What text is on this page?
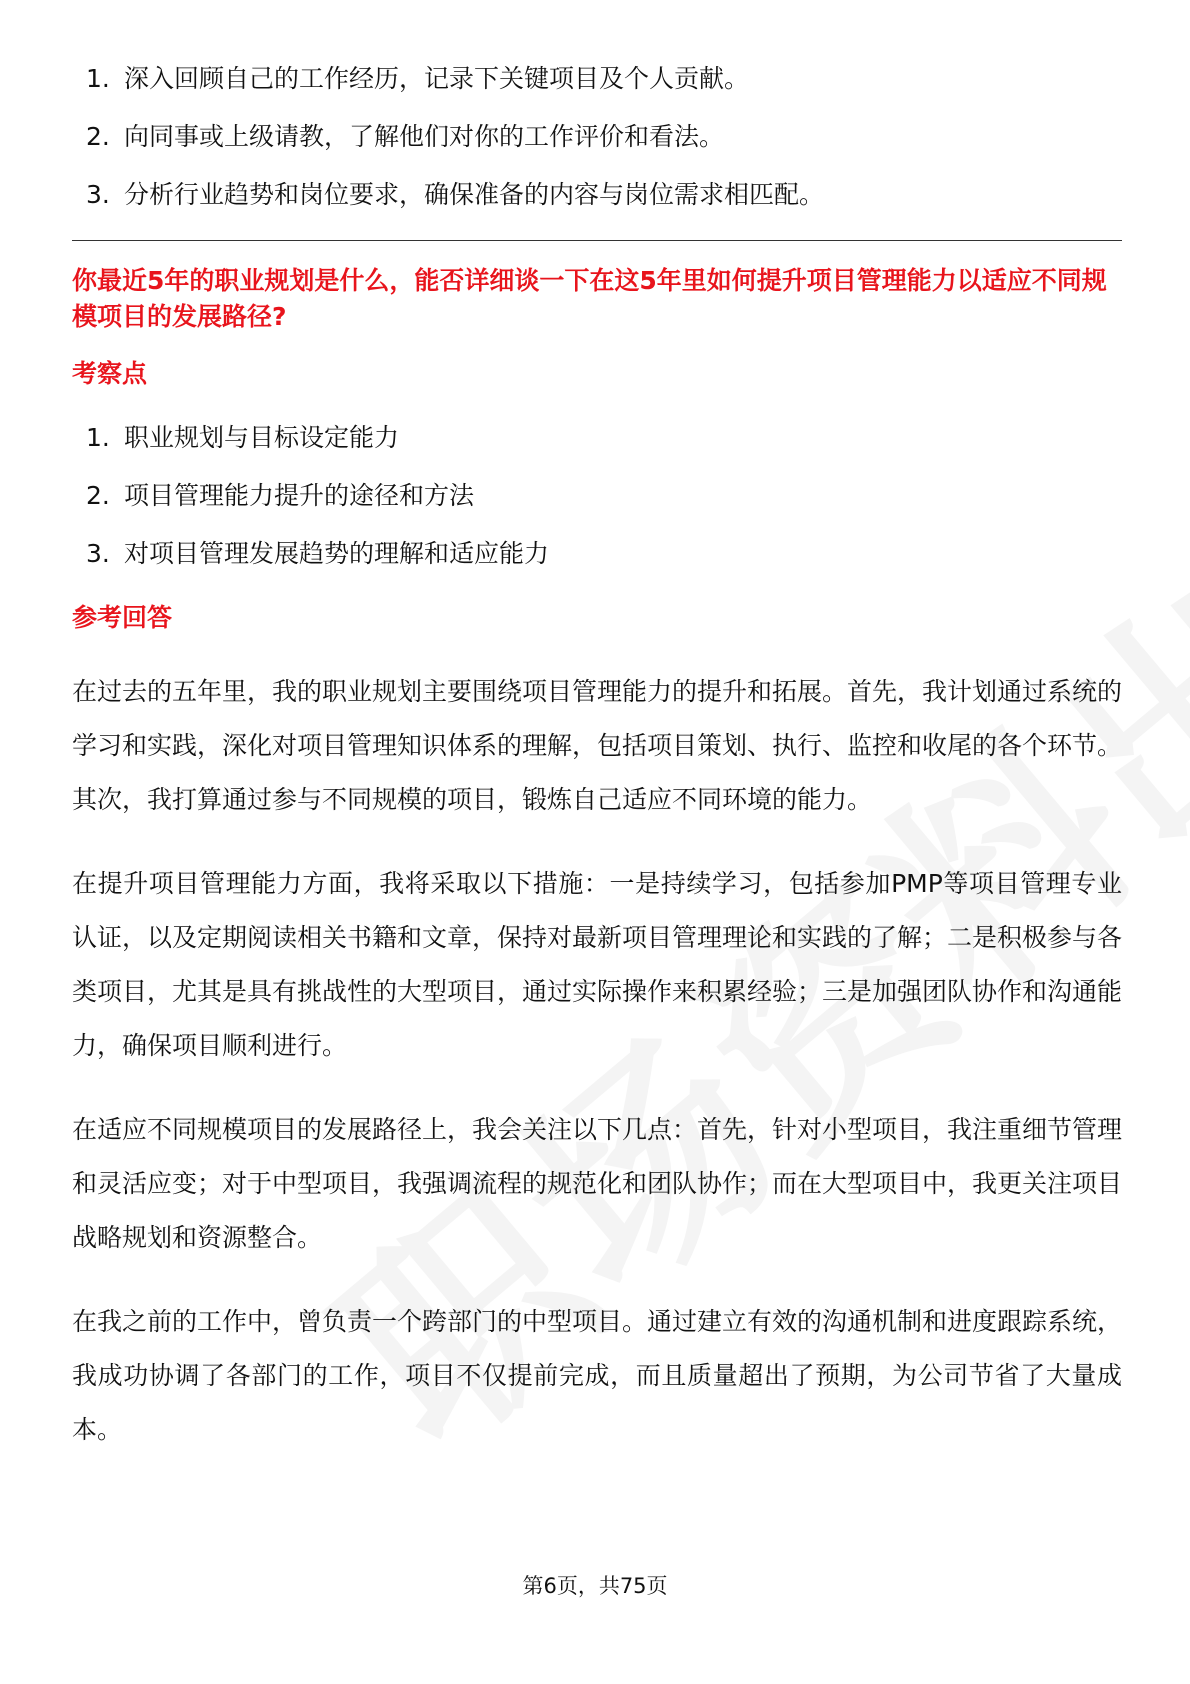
1. 深入回顾自己的工作经历，记录下关键项目及个人贡献。
2. 向同事或上级请教，了解他们对你的工作评价和看法。
3. 分析行业趋势和岗位要求，确保准备的内容与岗位需求相匹配。

你最近5年的职业规划是什么，能否详细谈一下在这5年里如何提升项目管理能力以适应不同规模项目的发展路径?

考察点
1. 职业规划与目标设定能力
2. 项目管理能力提升的途径和方法
3. 对项目管理发展趋势的理解和适应能力
参考回答

在过去的五年里，我的职业规划主要围绕项目管理能力的提升和拓展。首先，我计划通过系统的学习和实践，深化对项目管理知识体系的理解，包括项目策划、执行、监控和收尾的各个环节。其次，我打算通过参与不同规模的项目，锻炼自己适应不同环境的能力。

在提升项目管理能力方面，我将采取以下措施：一是持续学习，包括参加PMP等项目管理专业认证，以及定期阅读相关书籍和文章，保持对最新项目管理理论和实践的了解；二是积极参与各类项目，尤其是具有挑战性的大型项目，通过实际操作来积累经验；三是加强团队协作和沟通能力，确保项目顺利进行。

在适应不同规模项目的发展路径上，我会关注以下几点：首先，针对小型项目，我注重细节管理和灵活应变；对于中型项目，我强调流程的规范化和团队协作；而在大型项目中，我更关注项目战略规划和资源整合。

在我之前的工作中，曾负责一个跨部门的中型项目。通过建立有效的沟通机制和进度跟踪系统，我成功协调了各部门的工作，项目不仅提前完成，而且质量超出了预期，为公司节省了大量成本。

第6页，共75页
